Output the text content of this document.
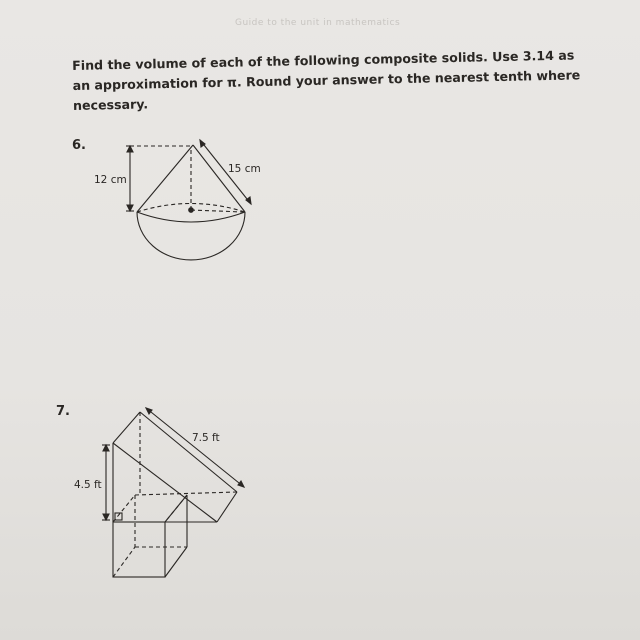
Guide to the unit in mathematics
Find the volume of each of the following composite solids. Use 3.14 as an approximation for π. Round your answer to the nearest tenth where necessary.
6.
7.
12 cm
15 cm
4.5 ft
7.5 ft
